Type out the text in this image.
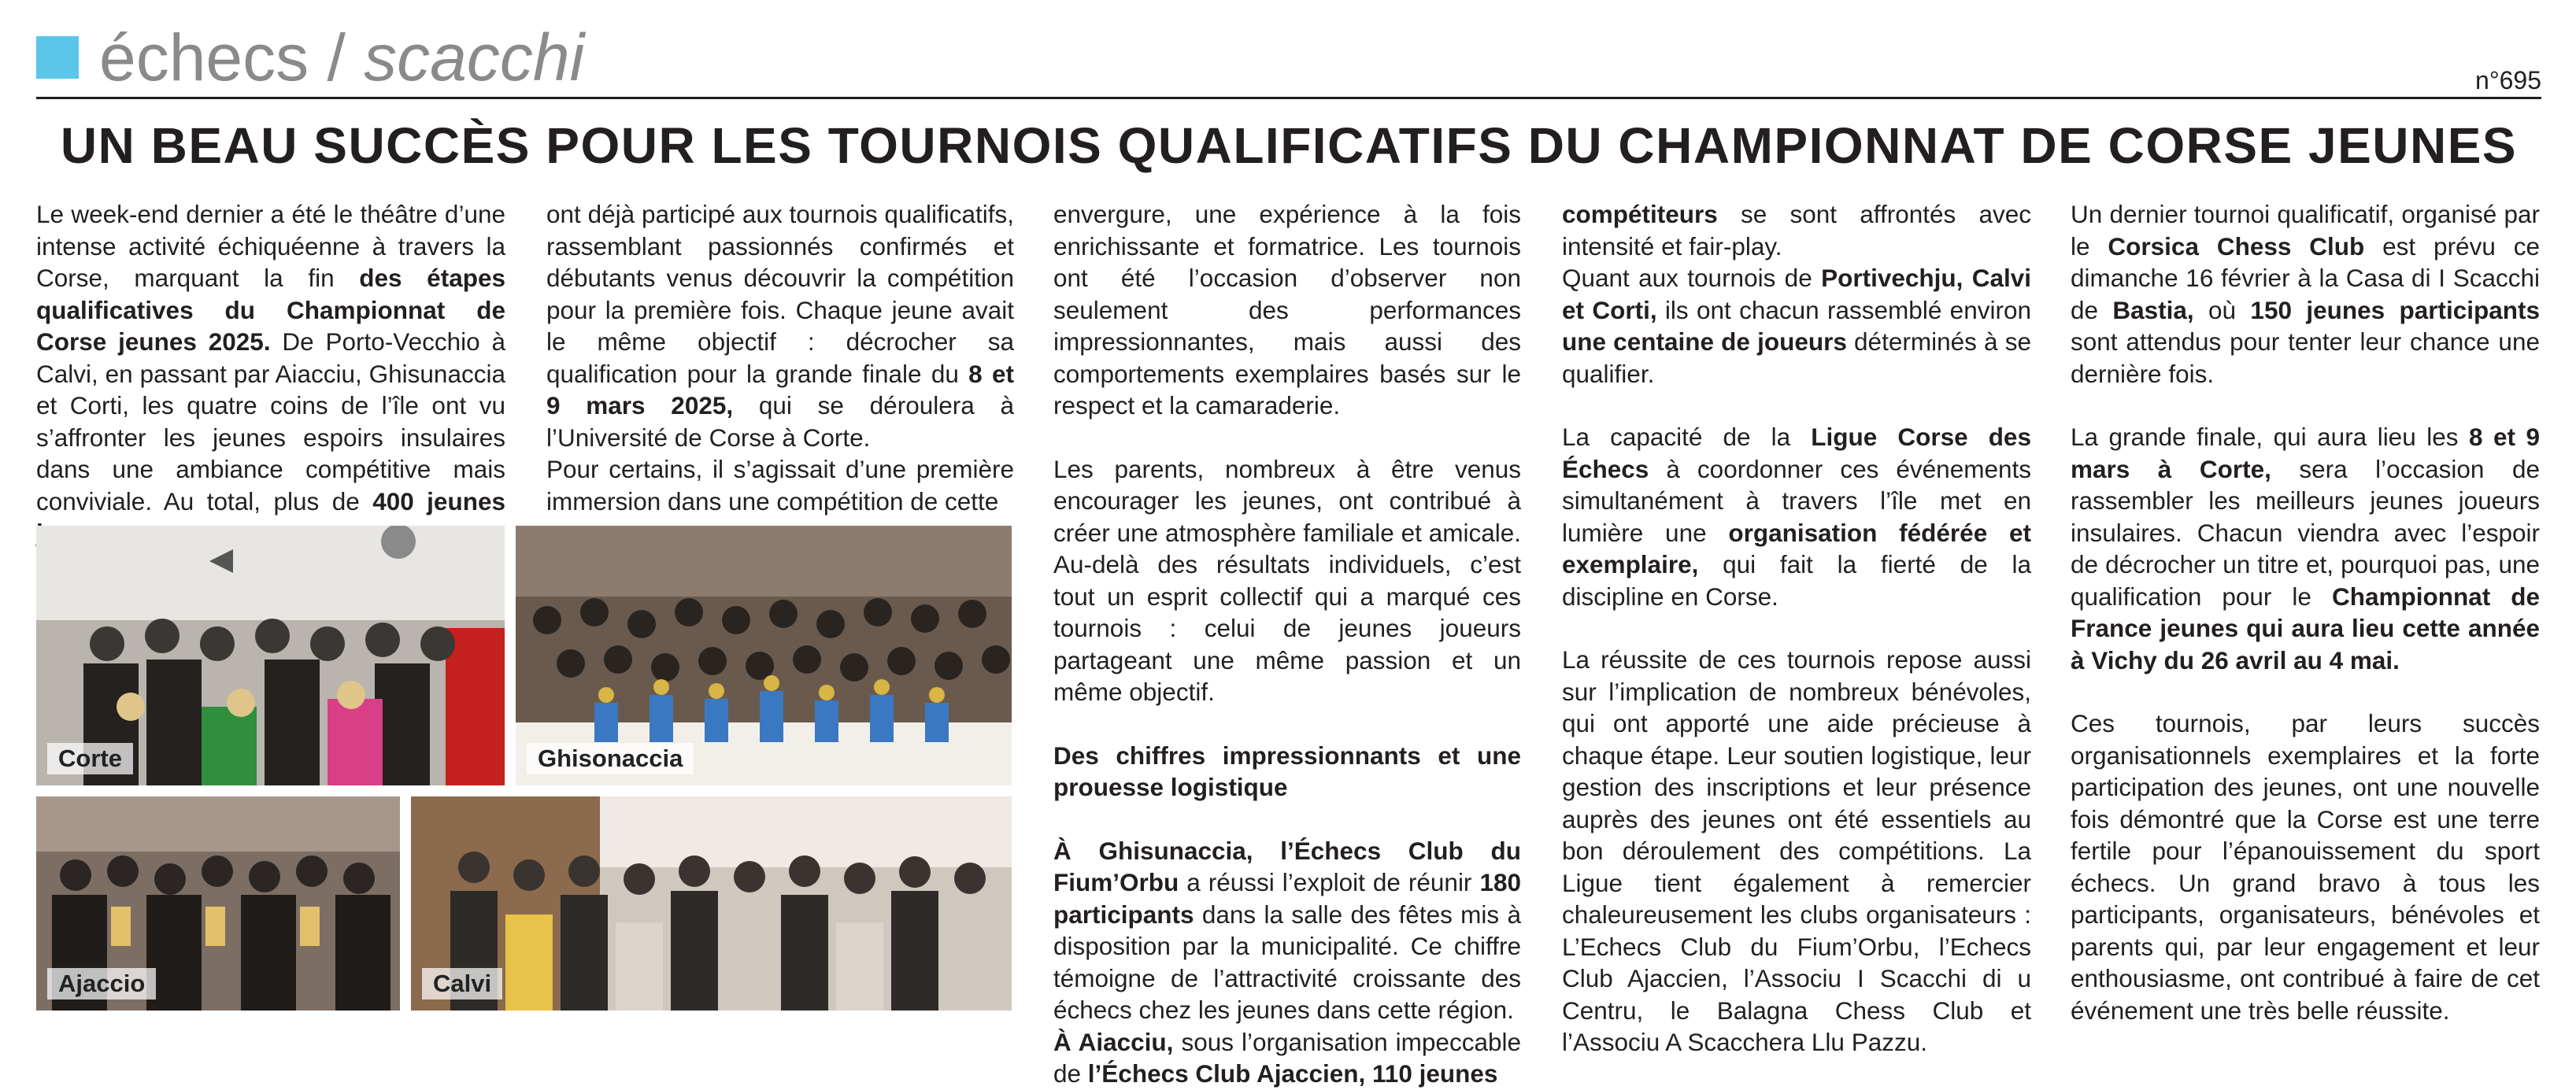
échecs / scacchi	n°695
UN BEAU SUCCÈS POUR LES TOURNOIS QUALIFICATIFS DU CHAMPIONNAT DE CORSE JEUNES

Le week-end dernier a été le théâtre d’une intense activité échiquéenne à travers la Corse, marquant la fin des étapes qualificatives du Championnat de Corse jeunes 2025. De Porto-Vecchio à Calvi, en passant par Aiacciu, Ghisunaccia et Corti, les quatre coins de l’île ont vu s’affronter les jeunes espoirs insulaires dans une ambiance compétitive mais conviviale. Au total, plus de 400 jeunes

ont déjà participé aux tournois qualificatifs, rassemblant passionnés confirmés et débutants venus découvrir la compétition pour la première fois. Chaque jeune avait le même objectif : décrocher sa qualification pour la grande finale du 8 et 9 mars 2025, qui se déroulera à l’Université de Corse à Corte.

Pour certains, il s’agissait d’une première immersion dans une compétition de cette

Corte	Ghisonaccia
Ajaccio	Calvi

envergure, une expérience à la fois enrichissante et formatrice. Les tournois ont été l’occasion d’observer non seulement des performances impressionnantes, mais aussi des comportements exemplaires basés sur le respect et la camaraderie.

Les parents, nombreux à être venus encourager les jeunes, ont contribué à créer une atmosphère familiale et amicale. Au-delà des résultats individuels, c’est tout un esprit collectif qui a marqué ces tournois : celui de jeunes joueurs partageant une même passion et un même objectif.

Des chiffres impressionnants et une prouesse logistique

À Ghisunaccia, l’Échecs Club du Fium’Orbu a réussi l’exploit de réunir 180 participants dans la salle des fêtes mis à disposition par la municipalité. Ce chiffre témoigne de l’attractivité croissante des échecs chez les jeunes dans cette région.

À Aiacciu, sous l’organisation impeccable de l’Échecs Club Ajaccien, 110 jeunes

compétiteurs se sont affrontés avec intensité et fair-play.

Quant aux tournois de Portivechju, Calvi et Corti, ils ont chacun rassemblé environ une centaine de joueurs déterminés à se qualifier.

La capacité de la Ligue Corse des Échecs à coordonner ces événements simultanément à travers l’île met en lumière une organisation fédérée et exemplaire, qui fait la fierté de la discipline en Corse.

La réussite de ces tournois repose aussi sur l’implication de nombreux bénévoles, qui ont apporté une aide précieuse à chaque étape. Leur soutien logistique, leur gestion des inscriptions et leur présence auprès des jeunes ont été essentiels au bon déroulement des compétitions. La Ligue tient également à remercier chaleureusement les clubs organisateurs : L’Echecs Club du Fium’Orbu, l’Echecs Club Ajaccien, l’Associu I Scacchi di u Centru, le Balagna Chess Club et l’Associu A Scacchera Llu Pazzu.

Un dernier tournoi qualificatif, organisé par le Corsica Chess Club est prévu ce dimanche 16 février à la Casa di I Scacchi de Bastia, où 150 jeunes participants sont attendus pour tenter leur chance une dernière fois.

La grande finale, qui aura lieu les 8 et 9 mars à Corte, sera l’occasion de rassembler les meilleurs jeunes joueurs insulaires. Chacun viendra avec l’espoir de décrocher un titre et, pourquoi pas, une qualification pour le Championnat de France jeunes qui aura lieu cette année à Vichy du 26 avril au 4 mai.

Ces tournois, par leurs succès organisationnels exemplaires et la forte participation des jeunes, ont une nouvelle fois démontré que la Corse est une terre fertile pour l’épanouissement du sport échecs. Un grand bravo à tous les participants, organisateurs, bénévoles et parents qui, par leur engagement et leur enthousiasme, ont contribué à faire de cet événement une très belle réussite.
